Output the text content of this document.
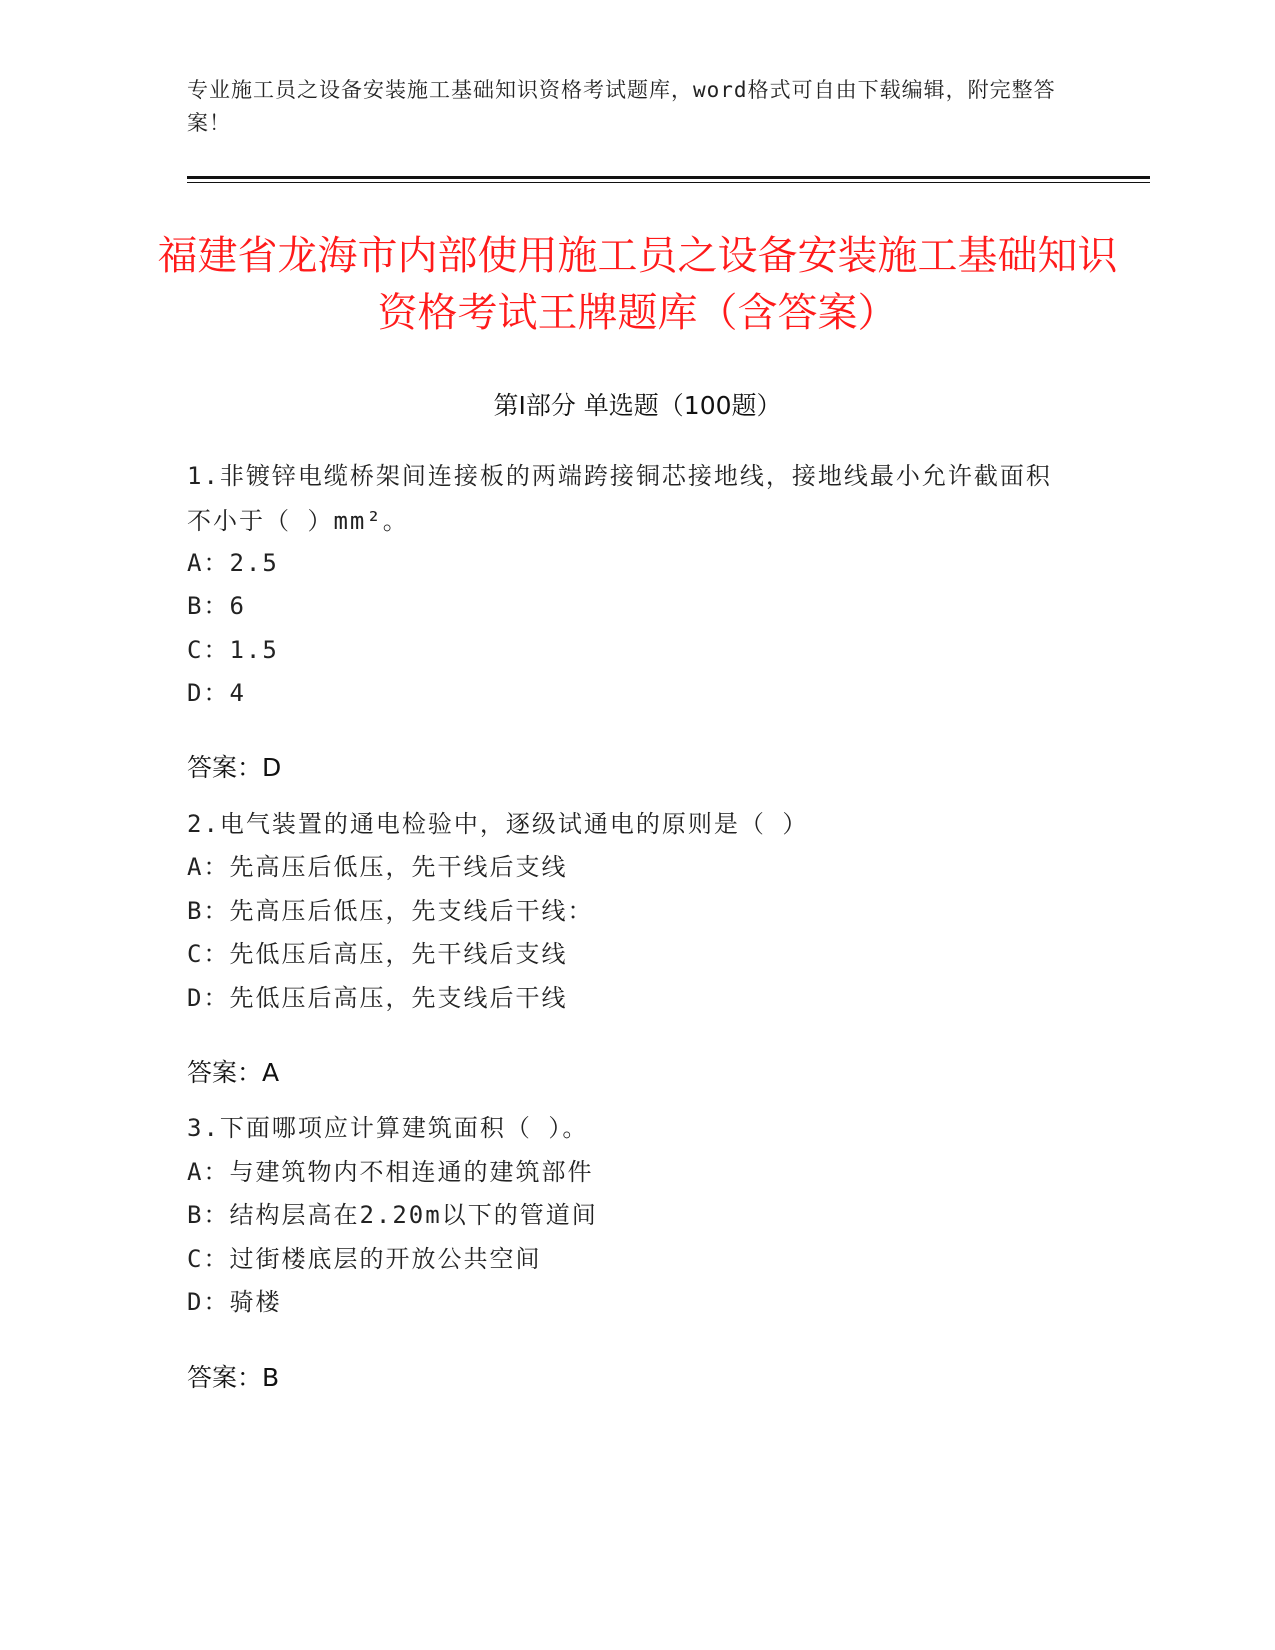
专业施工员之设备安装施工基础知识资格考试题库，word格式可自由下载编辑，附完整答案！
福建省龙海市内部使用施工员之设备安装施工基础知识资格考试王牌题库（含答案）
第I部分 单选题（100题）
1.非镀锌电缆桥架间连接板的两端跨接铜芯接地线，接地线最小允许截面积不小于（ ）mm²。
A：2.5
B：6
C：1.5
D：4
答案：D
2.电气装置的通电检验中，逐级试通电的原则是（ ）
A：先高压后低压，先干线后支线
B：先高压后低压，先支线后干线：
C：先低压后高压，先干线后支线
D：先低压后高压，先支线后干线
答案：A
3.下面哪项应计算建筑面积（ ）。
A：与建筑物内不相连通的建筑部件
B：结构层高在2.20m以下的管道间
C：过街楼底层的开放公共空间
D：骑楼
答案：B
